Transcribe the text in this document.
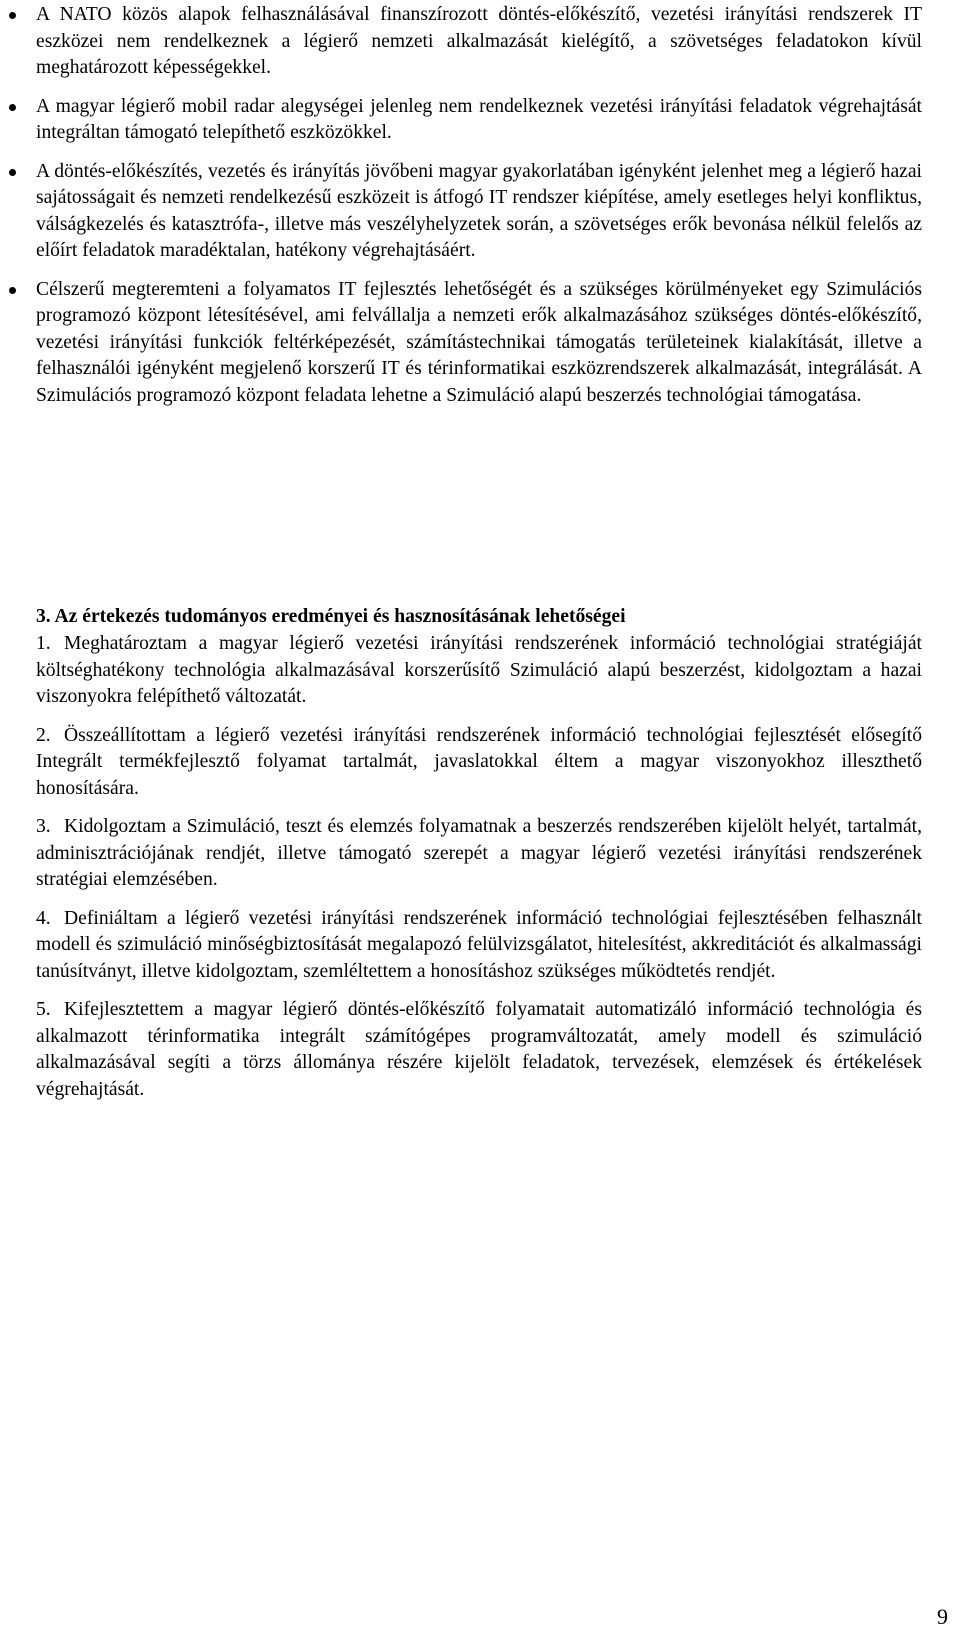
A NATO közös alapok felhasználásával finanszírozott döntés-előkészítő, vezetési irányítási rendszerek IT eszközei nem rendelkeznek a légierő nemzeti alkalmazását kielégítő, a szövetséges feladatokon kívül meghatározott képességekkel.
A magyar légierő mobil radar alegységei jelenleg nem rendelkeznek vezetési irányítási feladatok végrehajtását integráltan támogató telepíthető eszközökkel.
A döntés-előkészítés, vezetés és irányítás jövőbeni magyar gyakorlatában igényként jelenhet meg a légierő hazai sajátosságait és nemzeti rendelkezésű eszközeit is átfogó IT rendszer kiépítése, amely esetleges helyi konfliktus, válságkezelés és katasztrófa-, illetve más veszélyhelyzetek során, a szövetséges erők bevonása nélkül felelős az előírt feladatok maradéktalan, hatékony végrehajtásáért.
Célszerű megteremteni a folyamatos IT fejlesztés lehetőségét és a szükséges körülményeket egy Szimulációs programozó központ létesítésével, ami felvállalja a nemzeti erők alkalmazásához szükséges döntés-előkészítő, vezetési irányítási funkciók feltérképezését, számítástechnikai támogatás területeinek kialakítását, illetve a felhasználói igényként megjelenő korszerű IT és térinformatikai eszközrendszerek alkalmazását, integrálását. A Szimulációs programozó központ feladata lehetne a Szimuláció alapú beszerzés technológiai támogatása.
3. Az értekezés tudományos eredményei és hasznosításának lehetőségei
1. Meghatároztam a magyar légierő vezetési irányítási rendszerének információ technológiai stratégiáját költséghatékony technológia alkalmazásával korszerűsítő Szimuláció alapú beszerzést, kidolgoztam a hazai viszonyokra felépíthető változatát.
2. Összeállítottam a légierő vezetési irányítási rendszerének információ technológiai fejlesztését elősegítő Integrált termékfejlesztő folyamat tartalmát, javaslatokkal éltem a magyar viszonyokhoz illeszthető honosítására.
3. Kidolgoztam a Szimuláció, teszt és elemzés folyamatnak a beszerzés rendszerében kijelölt helyét, tartalmát, adminisztrációjának rendjét, illetve támogató szerepét a magyar légierő vezetési irányítási rendszerének stratégiai elemzésében.
4. Definiáltam a légierő vezetési irányítási rendszerének információ technológiai fejlesztésében felhasznált modell és szimuláció minőségbiztosítását megalapozó felülvizsgálatot, hitelesítést, akkreditációt és alkalmassági tanúsítványt, illetve kidolgoztam, szemléltettem a honosításhoz szükséges működtetés rendjét.
5. Kifejlesztettem a magyar légierő döntés-előkészítő folyamatait automatizáló információ technológia és alkalmazott térinformatika integrált számítógépes programváltozatát, amely modell és szimuláció alkalmazásával segíti a törzs állománya részére kijelölt feladatok, tervezések, elemzések és értékelések végrehajtását.
9
